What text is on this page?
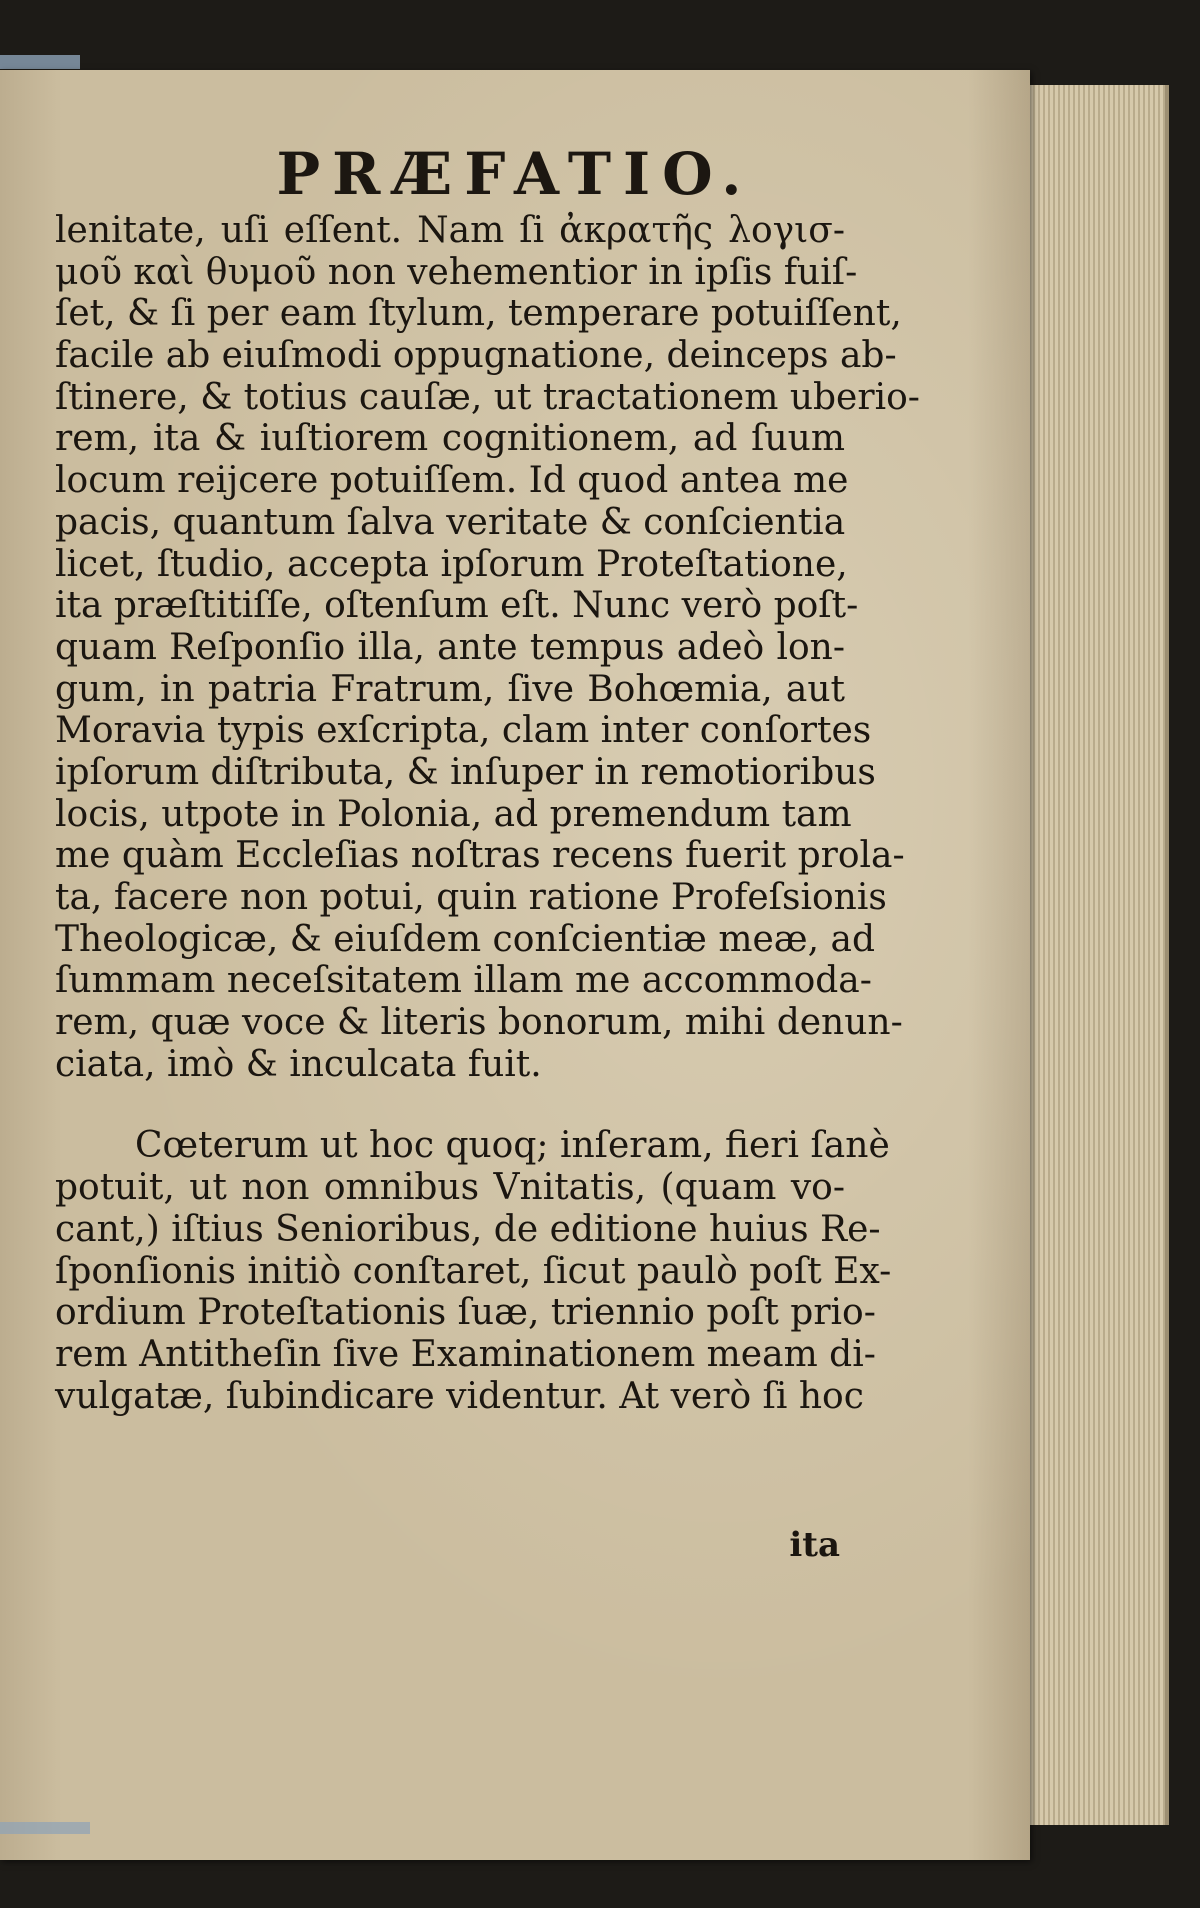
PRÆFATIO.
lenitate, uſi eſſent. Nam ſi ἀκρατῆς λογισ-
μοῦ καὶ θυμοῦ non vehementior in ipſis fuiſ-
ſet, & ſi per eam ſtylum, temperare potuiſſent,
facile ab eiuſmodi oppugnatione, deinceps ab-
ſtinere, & totius cauſæ, ut tractationem uberio-
rem, ita & iuſtiorem cognitionem, ad ſuum
locum reijcere potuiſſem. Id quod antea me
pacis, quantum ſalva veritate & conſcientia
licet, ſtudio, accepta ipſorum Proteſtatione,
ita præſtitiſſe, oſtenſum eſt. Nunc verò poſt-
quam Reſponſio illa, ante tempus adeò lon-
gum, in patria Fratrum, ſive Bohœmia, aut
Moravia typis exſcripta, clam inter conſortes
ipſorum diſtributa, & inſuper in remotioribus
locis, utpote in Polonia, ad premendum tam
me quàm Eccleſias noſtras recens fuerit prola-
ta, facere non potui, quin ratione Profeſsionis
Theologicæ, & eiuſdem conſcientiæ meæ, ad
ſummam neceſsitatem illam me accommoda-
rem, quæ voce & literis bonorum, mihi denun-
ciata, imò & inculcata fuit.
Cœterum ut hoc quoq; inſeram, fieri ſanè
potuit, ut non omnibus Vnitatis, (quam vo-
cant,) iſtius Senioribus, de editione huius Re-
ſponſionis initiò conſtaret, ſicut paulò poſt Ex-
ordium Proteſtationis ſuæ, triennio poſt prio-
rem Antitheſin ſive Examinationem meam di-
vulgatæ, ſubindicare videntur. At verò ſi hoc
ita
